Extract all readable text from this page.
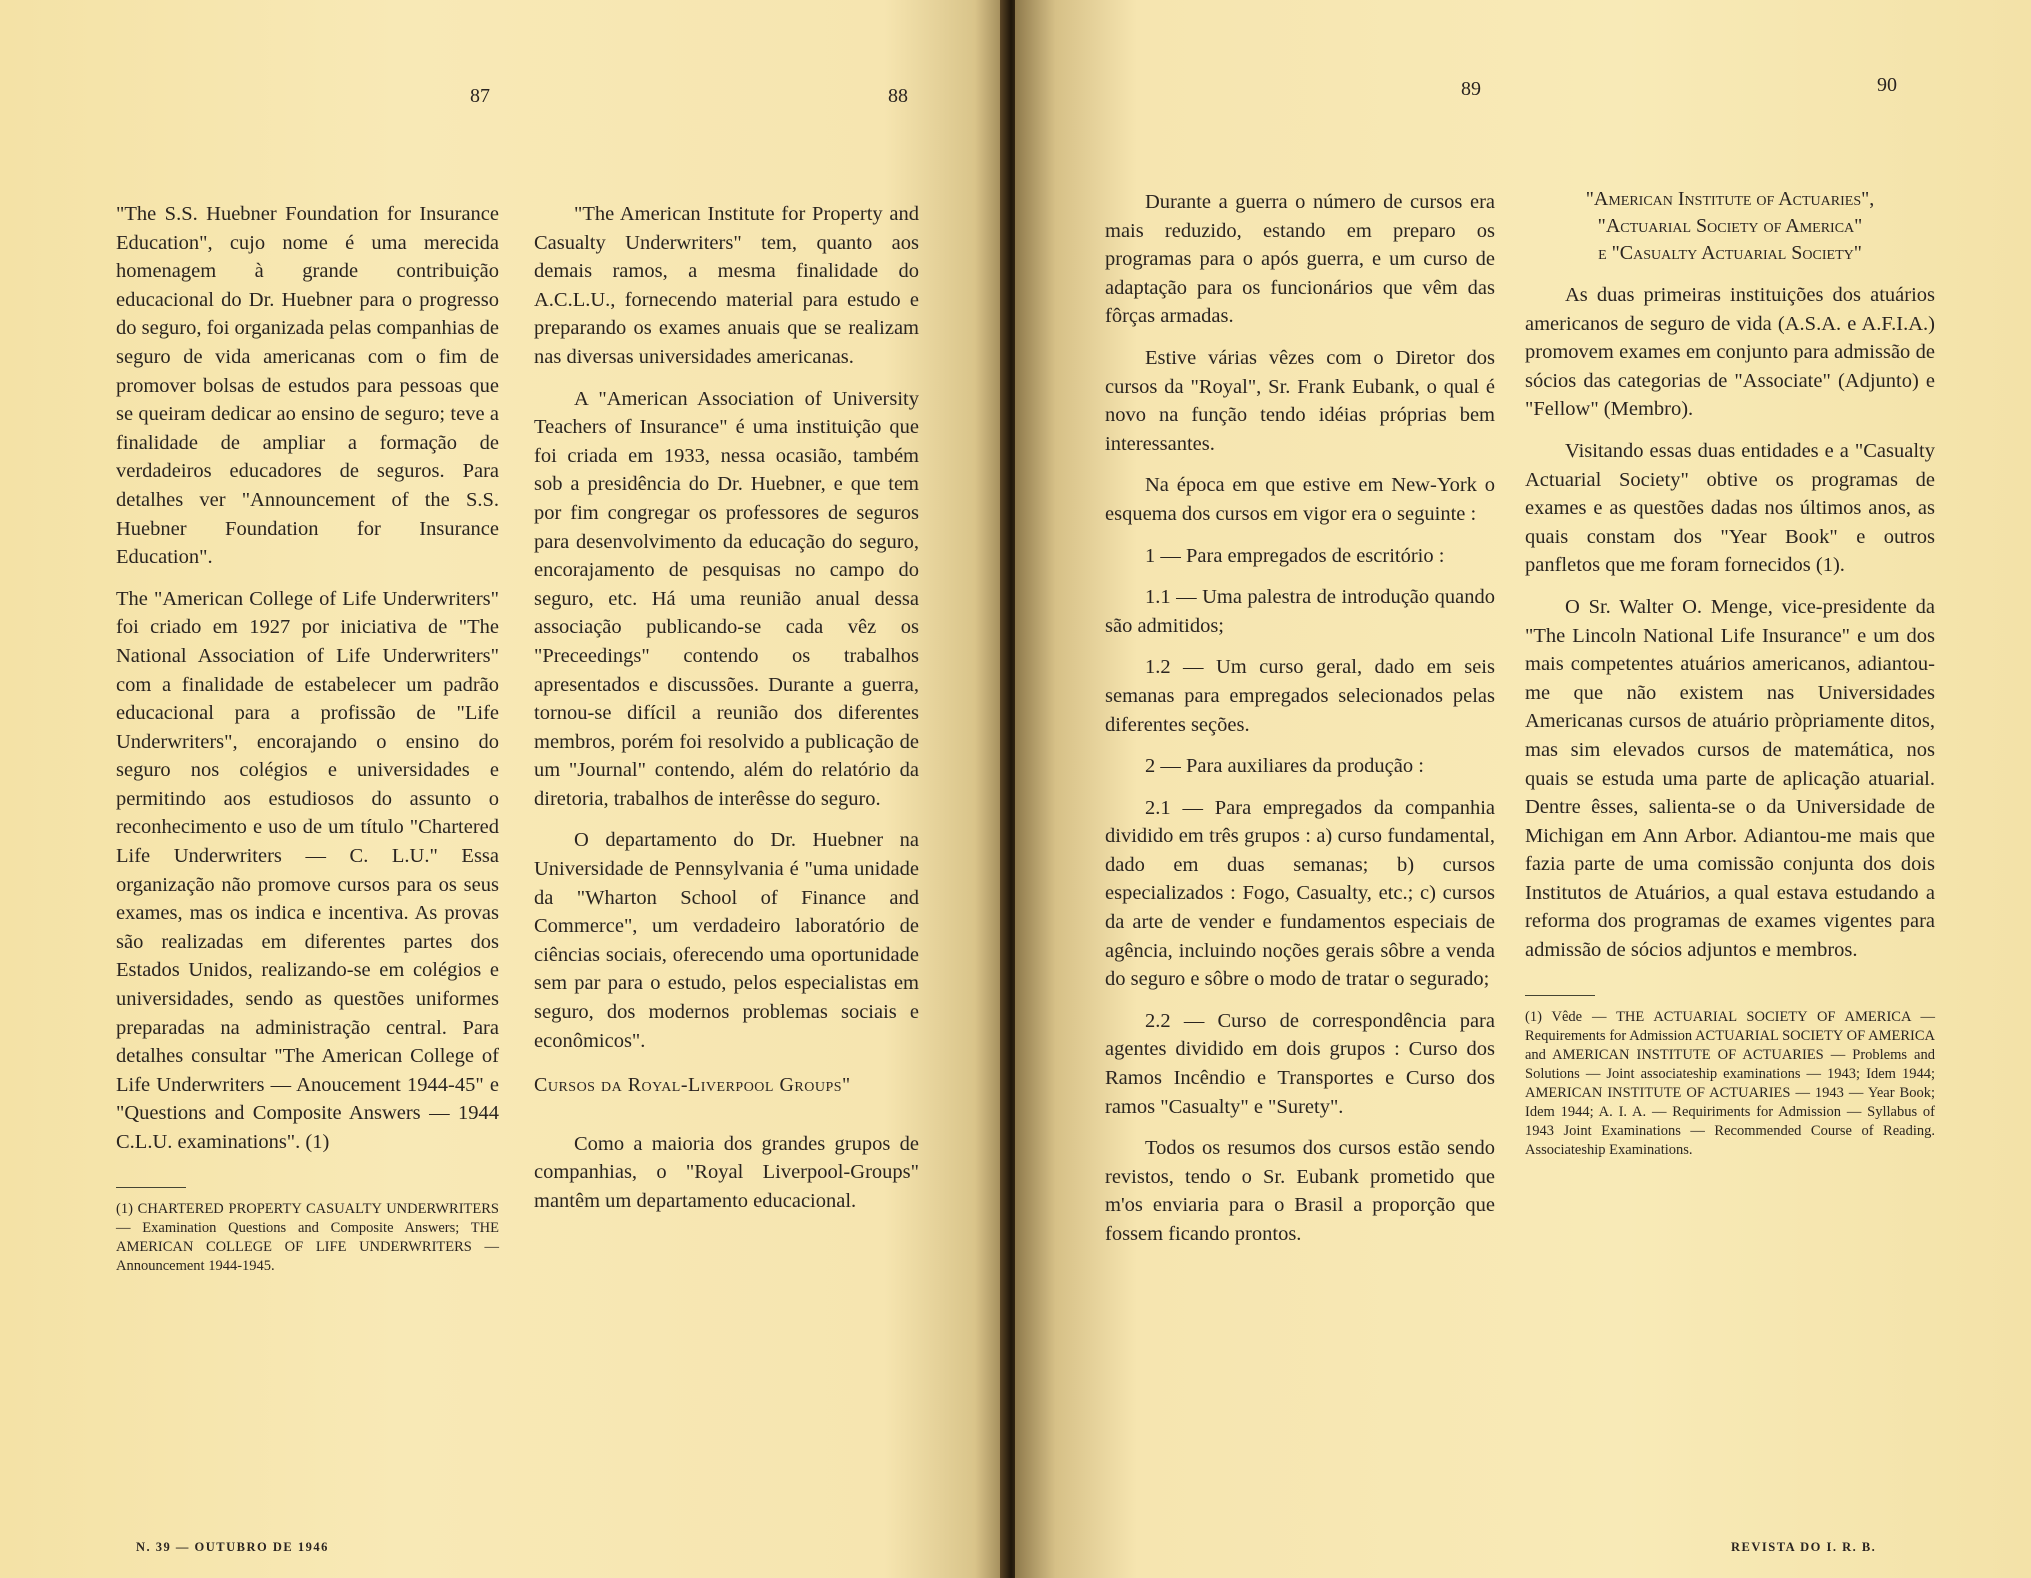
87	88

"The S.S. Huebner Foundation for Insurance Education", cujo nome é uma merecida homenagem à grande contribuição educacional do Dr. Huebner para o progresso do seguro, foi organizada pelas companhias de seguro de vida americanas com o fim de promover bolsas de estudos para pessoas que se queiram dedicar ao ensino de seguro; teve a finalidade de ampliar a formação de verdadeiros educadores de seguros. Para detalhes ver "Announcement of the S.S. Huebner Foundation for Insurance Education".

The "American College of Life Underwriters" foi criado em 1927 por iniciativa de "The National Association of Life Underwriters" com a finalidade de estabelecer um padrão educacional para a profissão de "Life Underwriters", encorajando o ensino do seguro nos colégios e universidades e permitindo aos estudiosos do assunto o reconhecimento e uso de um título "Chartered Life Underwriters — C. L.U." Essa organização não promove cursos para os seus exames, mas os indica e incentiva. As provas são realizadas em diferentes partes dos Estados Unidos, realizando-se em colégios e universidades, sendo as questões uniformes preparadas na administração central. Para detalhes consultar "The American College of Life Underwriters — Anoucement 1944-45" e "Questions and Composite Answers — 1944 C.L.U. examinations". (1)

(1) CHARTERED PROPERTY CASUALTY UNDERWRITERS — Examination Questions and Composite Answers; THE AMERICAN COLLEGE OF LIFE UNDERWRITERS — Announcement 1944-1945.

"The American Institute for Property and Casualty Underwriters" tem, quanto aos demais ramos, a mesma finalidade do A.C.L.U., fornecendo material para estudo e preparando os exames anuais que se realizam nas diversas universidades americanas.

A "American Association of University Teachers of Insurance" é uma instituição que foi criada em 1933, nessa ocasião, também sob a presidência do Dr. Huebner, e que tem por fim congregar os professores de seguros para desenvolvimento da educação do seguro, encorajamento de pesquisas no campo do seguro, etc. Há uma reunião anual dessa associação publicando-se cada vêz os "Preceedings" contendo os trabalhos apresentados e discussões. Durante a guerra, tornou-se difícil a reunião dos diferentes membros, porém foi resolvido a publicação de um "Journal" contendo, além do relatório da diretoria, trabalhos de interêsse do seguro.

O departamento do Dr. Huebner na Universidade de Pennsylvania é "uma unidade da "Wharton School of Finance and Commerce", um verdadeiro laboratório de ciências sociais, oferecendo uma oportunidade sem par para o estudo, pelos especialistas em seguro, dos modernos problemas sociais e econômicos".

Cursos da Royal-Liverpool Groups"

Como a maioria dos grandes grupos de companhias, o "Royal Liverpool-Groups" mantêm um departamento educacional.

N. 39 — OUTUBRO DE 1946
89	90

Durante a guerra o número de cursos era mais reduzido, estando em preparo os programas para o após guerra, e um curso de adaptação para os funcionários que vêm das fôrças armadas.

Estive várias vêzes com o Diretor dos cursos da "Royal", Sr. Frank Eubank, o qual é novo na função tendo idéias próprias bem interessantes.

Na época em que estive em New-York o esquema dos cursos em vigor era o seguinte :

1 — Para empregados de escritório :

1.1 — Uma palestra de introdução quando são admitidos;

1.2 — Um curso geral, dado em seis semanas para empregados selecionados pelas diferentes seções.

2 — Para auxiliares da produção :

2.1 — Para empregados da companhia dividido em três grupos : a) curso fundamental, dado em duas semanas; b) cursos especializados : Fogo, Casualty, etc.; c) cursos da arte de vender e fundamentos especiais de agência, incluindo noções gerais sôbre a venda do seguro e sôbre o modo de tratar o segurado;

2.2 — Curso de correspondência para agentes dividido em dois grupos : Curso dos Ramos Incêndio e Transportes e Curso dos ramos "Casualty" e "Surety".

Todos os resumos dos cursos estão sendo revistos, tendo o Sr. Eubank prometido que m'os enviaria para o Brasil a proporção que fossem ficando prontos.

"American Institute of Actuaries",
"Actuarial Society of America"
e "Casualty Actuarial Society"

As duas primeiras instituições dos atuários americanos de seguro de vida (A.S.A. e A.F.I.A.) promovem exames em conjunto para admissão de sócios das categorias de "Associate" (Adjunto) e "Fellow" (Membro).

Visitando essas duas entidades e a "Casualty Actuarial Society" obtive os programas de exames e as questões dadas nos últimos anos, as quais constam dos "Year Book" e outros panfletos que me foram fornecidos (1).

O Sr. Walter O. Menge, vice-presidente da "The Lincoln National Life Insurance" e um dos mais competentes atuários americanos, adiantou-me que não existem nas Universidades Americanas cursos de atuário pròpriamente ditos, mas sim elevados cursos de matemática, nos quais se estuda uma parte de aplicação atuarial. Dentre êsses, salienta-se o da Universidade de Michigan em Ann Arbor. Adiantou-me mais que fazia parte de uma comissão conjunta dos dois Institutos de Atuários, a qual estava estudando a reforma dos programas de exames vigentes para admissão de sócios adjuntos e membros.

(1) Vêde — THE ACTUARIAL SOCIETY OF AMERICA — Requirements for Admission ACTUARIAL SOCIETY OF AMERICA and AMERICAN INSTITUTE OF ACTUARIES — Problems and Solutions — Joint associateship examinations — 1943; Idem 1944; AMERICAN INSTITUTE OF ACTUARIES — 1943 — Year Book; Idem 1944; A. I. A. — Requiriments for Admission — Syllabus of 1943 Joint Examinations — Recommended Course of Reading. Associateship Examinations.
REVISTA DO I. R. B.
